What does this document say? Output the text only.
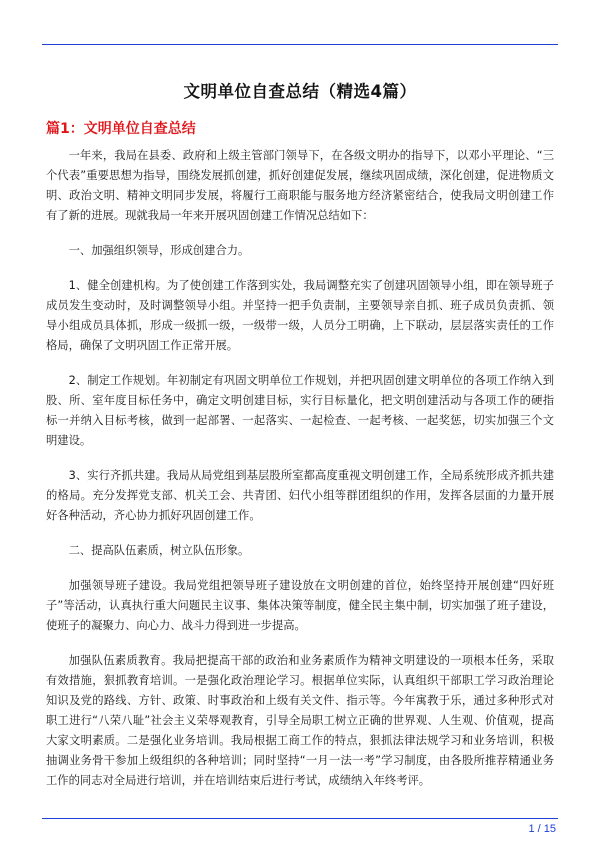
文明单位自查总结（精选4篇）
篇1：文明单位自查总结

一年来，我局在县委、政府和上级主管部门领导下，在各级文明办的指导下，以邓小平理论、“三个代表”重要思想为指导，围绕发展抓创建，抓好创建促发展，继续巩固成绩，深化创建，促进物质文明、政治文明、精神文明同步发展，将履行工商职能与服务地方经济紧密结合，使我局文明创建工作有了新的进展。现就我局一年来开展巩固创建工作情况总结如下：

一、加强组织领导，形成创建合力。

1、健全创建机构。为了使创建工作落到实处，我局调整充实了创建巩固领导小组，即在领导班子成员发生变动时，及时调整领导小组。并坚持一把手负责制，主要领导亲自抓、班子成员负责抓、领导小组成员具体抓，形成一级抓一级，一级带一级，人员分工明确，上下联动，层层落实责任的工作格局，确保了文明巩固工作正常开展。

2、制定工作规划。年初制定有巩固文明单位工作规划，并把巩固创建文明单位的各项工作纳入到股、所、室年度目标任务中，确定文明创建目标，实行目标量化，把文明创建活动与各项工作的硬指标一并纳入目标考核，做到一起部署、一起落实、一起检查、一起考核、一起奖惩，切实加强三个文明建设。

3、实行齐抓共建。我局从局党组到基层股所室都高度重视文明创建工作，全局系统形成齐抓共建的格局。充分发挥党支部、机关工会、共青团、妇代小组等群团组织的作用，发挥各层面的力量开展好各种活动，齐心协力抓好巩固创建工作。

二、提高队伍素质，树立队伍形象。

加强领导班子建设。我局党组把领导班子建设放在文明创建的首位，始终坚持开展创建“四好班子”等活动，认真执行重大问题民主议事、集体决策等制度，健全民主集中制，切实加强了班子建设，使班子的凝聚力、向心力、战斗力得到进一步提高。

加强队伍素质教育。我局把提高干部的政治和业务素质作为精神文明建设的一项根本任务，采取有效措施，狠抓教育培训。一是强化政治理论学习。根据单位实际，认真组织干部职工学习政治理论知识及党的路线、方针、政策、时事政治和上级有关文件、指示等。今年寓教于乐，通过多种形式对职工进行“八荣八耻”社会主义荣辱观教育，引导全局职工树立正确的世界观、人生观、价值观，提高大家文明素质。二是强化业务培训。我局根据工商工作的特点，狠抓法律法规学习和业务培训，积极抽调业务骨干参加上级组织的各种培训；同时坚持“一月一法一考”学习制度，由各股所推荐精通业务工作的同志对全局进行培训，并在培训结束后进行考试，成绩纳入年终考评。

1 / 15
